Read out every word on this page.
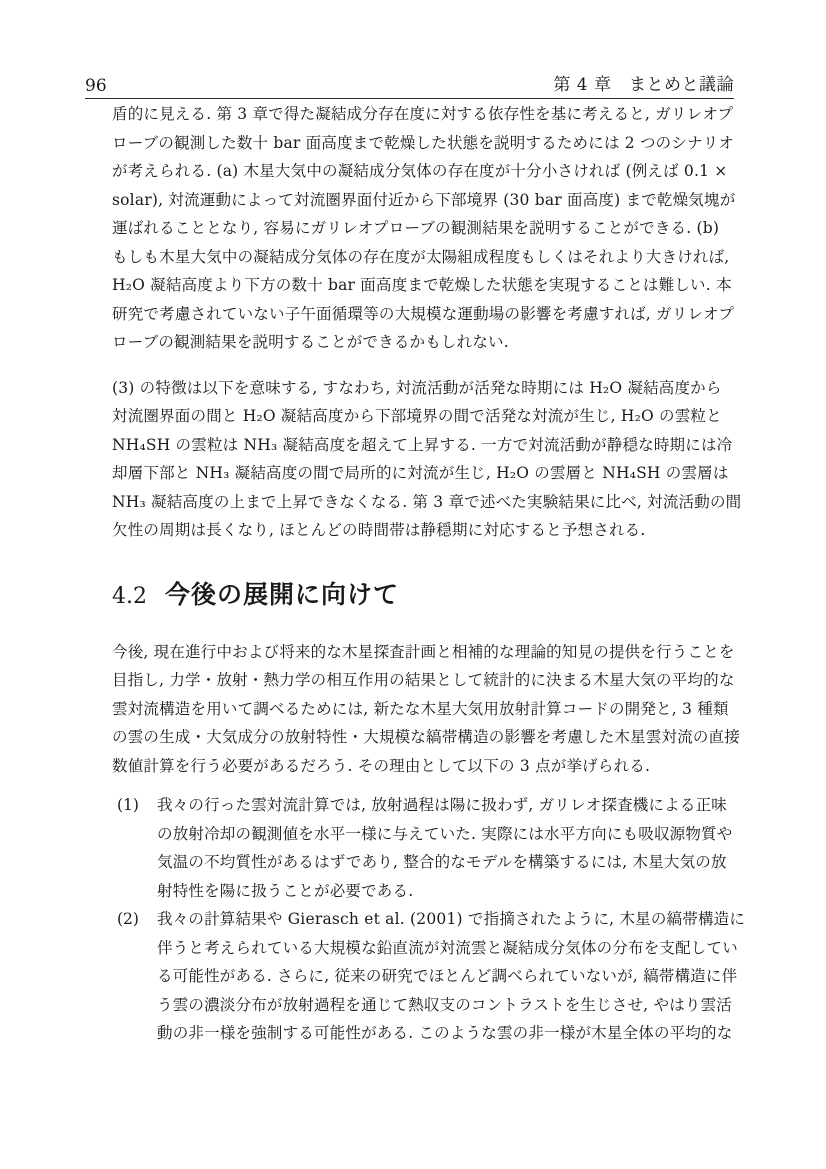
96	第 4 章　まとめと議論
盾的に見える. 第 3 章で得た凝結成分存在度に対する依存性を基に考えると, ガリレオプ
ローブの観測した数十 bar 面高度まで乾燥した状態を説明するためには 2 つのシナリオ
が考えられる. (a) 木星大気中の凝結成分気体の存在度が十分小さければ (例えば 0.1 ×
solar), 対流運動によって対流圏界面付近から下部境界 (30 bar 面高度) まで乾燥気塊が
運ばれることとなり, 容易にガリレオプローブの観測結果を説明することができる. (b)
もしも木星大気中の凝結成分気体の存在度が太陽組成程度もしくはそれより大きければ,
H₂O 凝結高度より下方の数十 bar 面高度まで乾燥した状態を実現することは難しい. 本
研究で考慮されていない子午面循環等の大規模な運動場の影響を考慮すれば, ガリレオプ
ローブの観測結果を説明することができるかもしれない.
(3) の特徴は以下を意味する, すなわち, 対流活動が活発な時期には H₂O 凝結高度から
対流圏界面の間と H₂O 凝結高度から下部境界の間で活発な対流が生じ, H₂O の雲粒と
NH₄SH の雲粒は NH₃ 凝結高度を超えて上昇する. 一方で対流活動が静穏な時期には冷
却層下部と NH₃ 凝結高度の間で局所的に対流が生じ, H₂O の雲層と NH₄SH の雲層は
NH₃ 凝結高度の上まで上昇できなくなる. 第 3 章で述べた実験結果に比べ, 対流活動の間
欠性の周期は長くなり, ほとんどの時間帯は静穏期に対応すると予想される.
4.2 今後の展開に向けて
今後, 現在進行中および将来的な木星探査計画と相補的な理論的知見の提供を行うことを
目指し, 力学・放射・熱力学の相互作用の結果として統計的に決まる木星大気の平均的な
雲対流構造を用いて調べるためには, 新たな木星大気用放射計算コードの開発と, 3 種類
の雲の生成・大気成分の放射特性・大規模な縞帯構造の影響を考慮した木星雲対流の直接
数値計算を行う必要があるだろう. その理由として以下の 3 点が挙げられる.
(1) 我々の行った雲対流計算では, 放射過程は陽に扱わず, ガリレオ探査機による正味
の放射冷却の観測値を水平一様に与えていた. 実際には水平方向にも吸収源物質や
気温の不均質性があるはずであり, 整合的なモデルを構築するには, 木星大気の放
射特性を陽に扱うことが必要である.
(2) 我々の計算結果や Gierasch et al. (2001) で指摘されたように, 木星の縞帯構造に
伴うと考えられている大規模な鉛直流が対流雲と凝結成分気体の分布を支配してい
る可能性がある. さらに, 従来の研究でほとんど調べられていないが, 縞帯構造に伴
う雲の濃淡分布が放射過程を通じて熱収支のコントラストを生じさせ, やはり雲活
動の非一様を強制する可能性がある. このような雲の非一様が木星全体の平均的な
